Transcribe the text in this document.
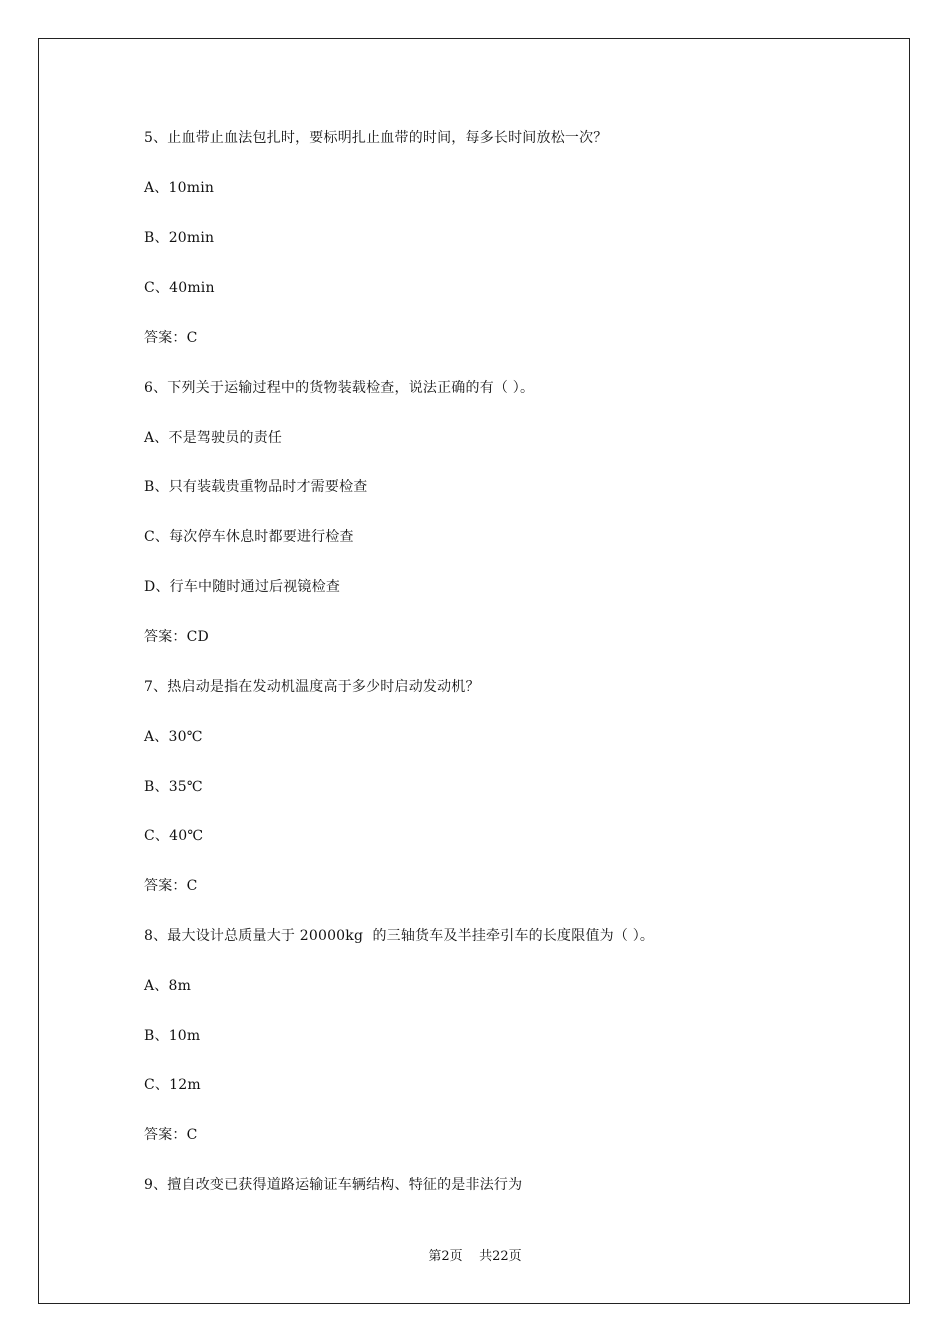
5、止血带止血法包扎时，要标明扎止血带的时间，每多长时间放松一次？
A、10min
B、20min
C、40min
答案：C
6、下列关于运输过程中的货物装载检查，说法正确的有（ ）。
A、不是驾驶员的责任
B、只有装载贵重物品时才需要检查
C、每次停车休息时都要进行检查
D、行车中随时通过后视镜检查
答案：CD
7、热启动是指在发动机温度高于多少时启动发动机？
A、30℃
B、35℃
C、40℃
答案：C
8、最大设计总质量大于 20000kg  的三轴货车及半挂牵引车的长度限值为（ ）。
A、8m
B、10m
C、12m
答案：C
9、擅自改变已获得道路运输证车辆结构、特征的是非法行为
第2页    共22页
